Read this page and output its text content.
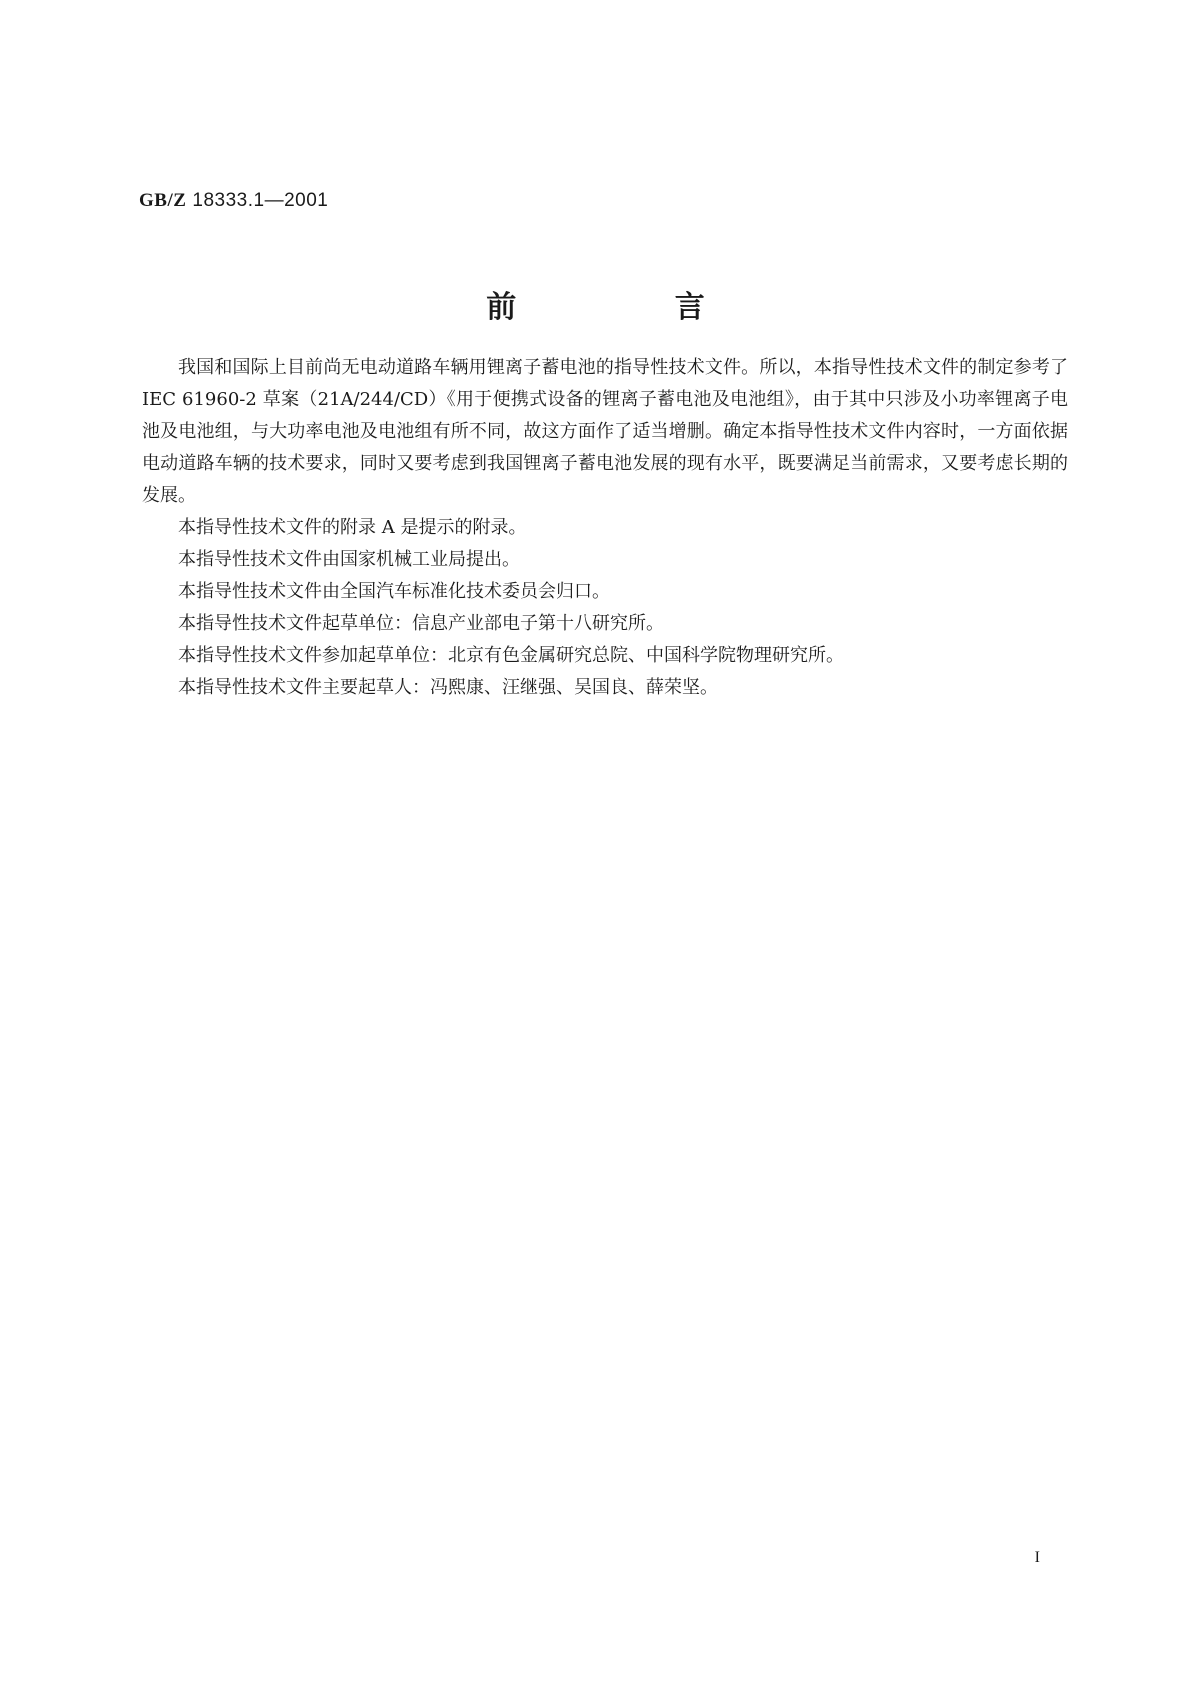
GB/Z 18333.1—2001
前 言

我国和国际上目前尚无电动道路车辆用锂离子蓄电池的指导性技术文件。所以，本指导性技术文件的制定参考了 IEC 61960-2 草案（21A/244/CD）《用于便携式设备的锂离子蓄电池及电池组》，由于其中只涉及小功率锂离子电池及电池组，与大功率电池及电池组有所不同，故这方面作了适当增删。确定本指导性技术文件内容时，一方面依据电动道路车辆的技术要求，同时又要考虑到我国锂离子蓄电池发展的现有水平，既要满足当前需求，又要考虑长期的发展。

本指导性技术文件的附录 A 是提示的附录。

本指导性技术文件由国家机械工业局提出。

本指导性技术文件由全国汽车标准化技术委员会归口。

本指导性技术文件起草单位：信息产业部电子第十八研究所。

本指导性技术文件参加起草单位：北京有色金属研究总院、中国科学院物理研究所。

本指导性技术文件主要起草人：冯熙康、汪继强、吴国良、薛荣坚。

I
